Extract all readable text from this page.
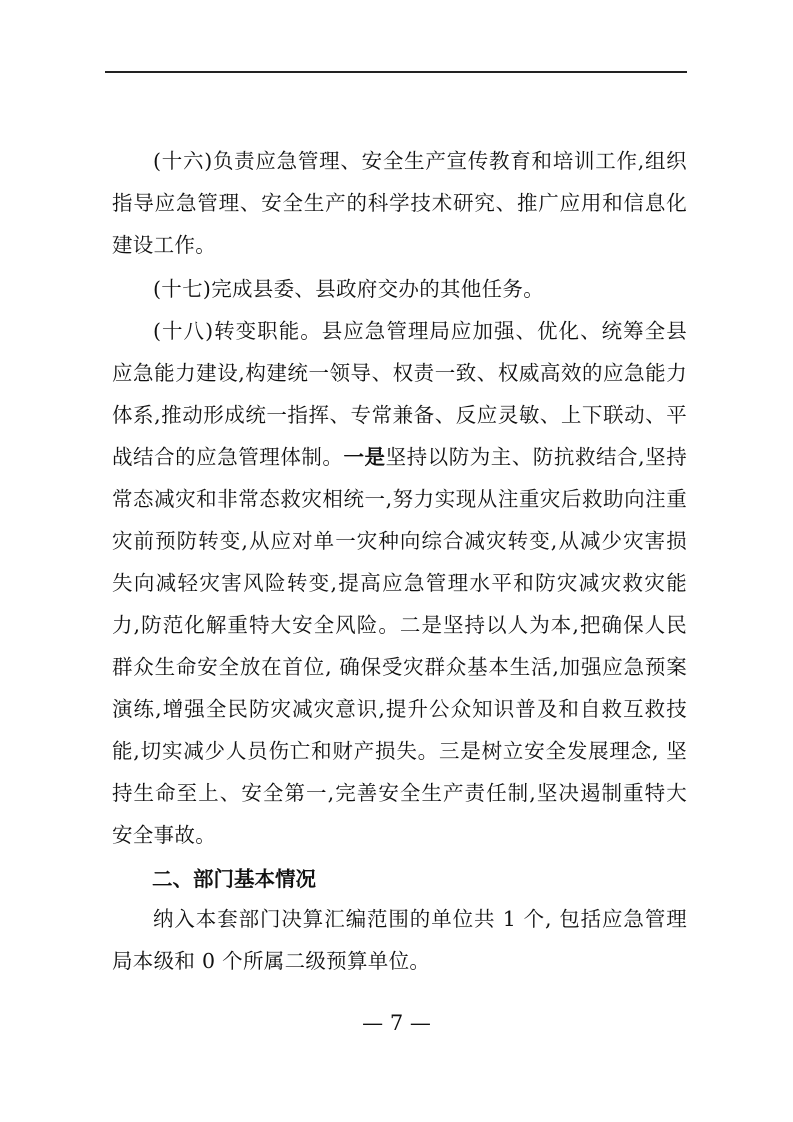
(十六)负责应急管理、安全生产宣传教育和培训工作,组织指导应急管理、安全生产的科学技术研究、推广应用和信息化建设工作。

(十七)完成县委、县政府交办的其他任务。

(十八)转变职能。县应急管理局应加强、优化、统筹全县应急能力建设,构建统一领导、权责一致、权威高效的应急能力体系,推动形成统一指挥、专常兼备、反应灵敏、上下联动、平战结合的应急管理体制。一是坚持以防为主、防抗救结合,坚持常态减灾和非常态救灾相统一,努力实现从注重灾后救助向注重灾前预防转变,从应对单一灾种向综合减灾转变,从减少灾害损失向减轻灾害风险转变,提高应急管理水平和防灾减灾救灾能力,防范化解重特大安全风险。二是坚持以人为本,把确保人民群众生命安全放在首位, 确保受灾群众基本生活,加强应急预案演练,增强全民防灾减灾意识,提升公众知识普及和自救互救技能,切实减少人员伤亡和财产损失。三是树立安全发展理念, 坚持生命至上、安全第一,完善安全生产责任制,坚决遏制重特大安全事故。

二、部门基本情况

纳入本套部门决算汇编范围的单位共 1 个, 包括应急管理局本级和 0 个所属二级预算单位。

— 7 —
